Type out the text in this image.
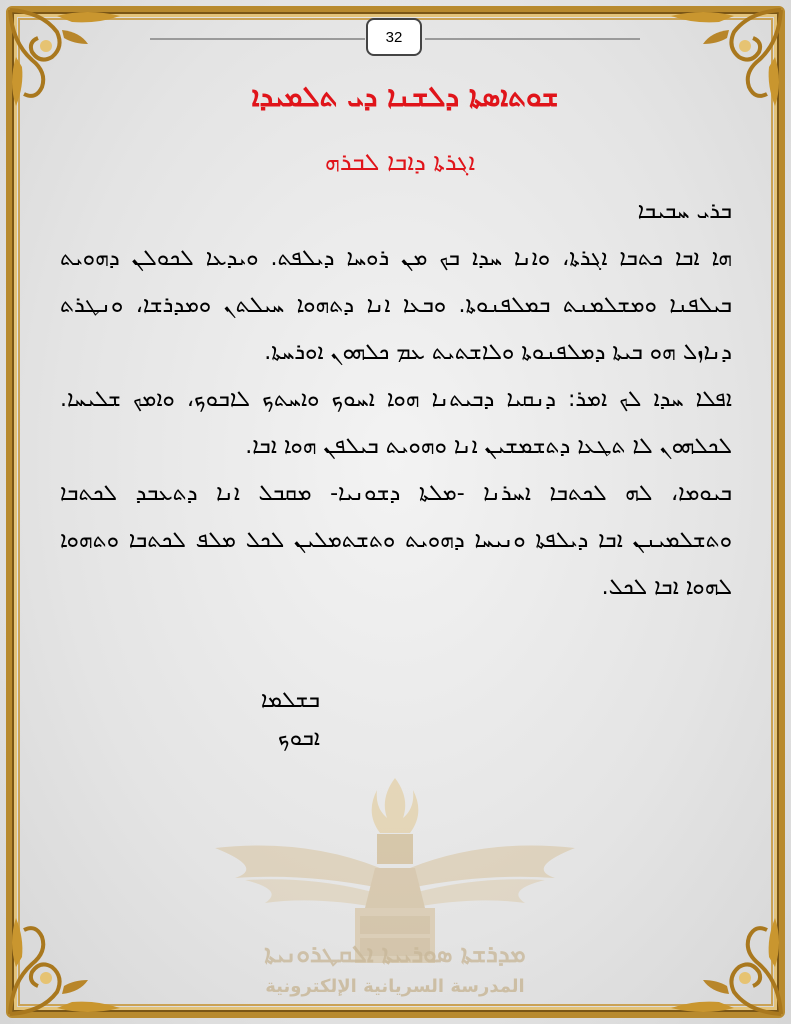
32
ܫܘܬܐܣܬܐ ܕܠܫܢܐ ܕܝ ܬܠܡܝܕܐ
ܐܓܪܬܐ ܕܐܒܐ ܠܒܪܗ

ܒܪܝ ܚܒܝܒܐ

ܗܐ ܐܒܐ ܟܬܒܐ ܐܓܪܬܐ، ܘܐܢܐ ܚܕܐ ܒܟ ܡܢ ܪܘܚܐ ܕܝܠܦܬ. ܘܝܕܥܐ ܠܟܘܠܢ ܕܗܘܝܬ ܒܝܠܦܢܐ ܘܡܫܠܡܢܬ ܒܡܠܦܢܘܬܐ. ܘܒܥܐ ܐܢܐ ܕܬܗܘܐ ܚܝܠܬܢ ܘܡܕܪܫܐ، ܘܢܛܪܬ ܕܢܐܙܠ ܗܘ ܒܝܬܐ ܕܡܠܦܢܘܬܐ ܘܠܐܫܬܝܬ ܥܡ ܟܠܗܘܢ ܐܘܪܚܬܐ.

ܐܦܠܐ ܚܕܐ ܠܟ ܐܡܪ: ܕܢܩܝܐ ܕܒܝܬܢܐ ܗܘܐ ܐܚܘܟ ܘܐܚܬܟ ܠܐܒܘܟ، ܘܐܡܟ ܫܠܝܚܐ. ܠܟܠܗܘܢ ܠܐ ܬܛܥܐ ܕܬܫܡܫܝܢ ܐܢܐ ܘܗܘܝܬ ܒܝܠܦܢ ܗܘܐ ܐܒܐ.

ܒܝܘܡܐ، ܠܗ ܠܟܬܒܐ ܐܚܪܢܐ -ܡܠܬܐ ܕܫܘܢܝܐ- ܡܩܒܠ ܐܢܐ ܕܬܥܒܕ ܠܟܬܒܐ ܘܬܫܠܡܝܢܢ ܐܒܐ ܕܝܠܦܬܐ ܘܢܝܚܐ ܕܗܘܝܬ ܘܬܫܬܡܠܝܢ ܠܟܠ ܡܠܦ ܠܟܬܒܐ ܘܬܗܘܐ ܠܗܘܐ ܐܒܐ ܠܟܠ.

ܒܫܠܡܐ
ܐܒܘܟ
ܡܕܪܫܬܐ ܣܘܪܝܝܬܐ ܐܠܩܛܪܘܢܝܬܐ
المدرسة السريانية الإلكترونية
